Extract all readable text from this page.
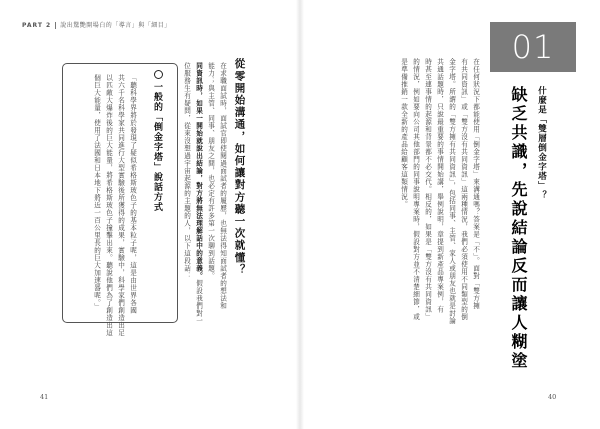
PART 2 說出驚艷開場白的「導言」與「細目」
從零開始溝通，如何讓對方聽一次就懂？
在求職面試時，面試官即使閱過面試者的履歷，也無法得知面試者的想法和
能力；與主管、同事、朋友之間，也必定有許多第一次聊到話題。
同資訊時，如果一開始就說出結論，對方將無法理解話中的意義。假設我們對一
位服務生有疑問，從來沒想過宇宙起源的主題的人，以下這段話：
一般的「倒金字塔」說話方式
「聽科學界將於發現了疑似希格斯玻色子的基本粒子呢，這是由世界各國
共六千名科學家共同進行大型實驗後所獲得的成果，實驗中，科學家們創造出足
以匹敵大爆炸後的巨大能量，將希格斯玻色子撞擊出來。聽說他們為了創造出這
個巨大能量，使用了法國和日本地下將近一百公里長的巨大加速器呢。」
41
01
什麼是「雙層倒金字塔」？
缺乏共識，先說結論反而讓人糊塗
在任何狀況下都能使用「倒金字塔」來溝通嗎？答案是「不」。面對「雙方擁
有共同資訊」或「雙方沒有共同資訊」這兩種情況，我們必須使用不同類型的倒
金字塔。所謂的「雙方擁有共同資訊」，包括同事、主管、家人或朋友也就是討論
共通話題時，只說最重要的事情開始講，舉例說明，章提到新產品專案例，有
時甚至連事情的起源和背景都不必交代。相反的，如果是「雙方沒有共同資訊」
的情況，例如要向公司其他部門的同事說明專案時，假設對方並不清楚細節，或
是準備推銷一款全新的產品給顧客這類情況。
40
